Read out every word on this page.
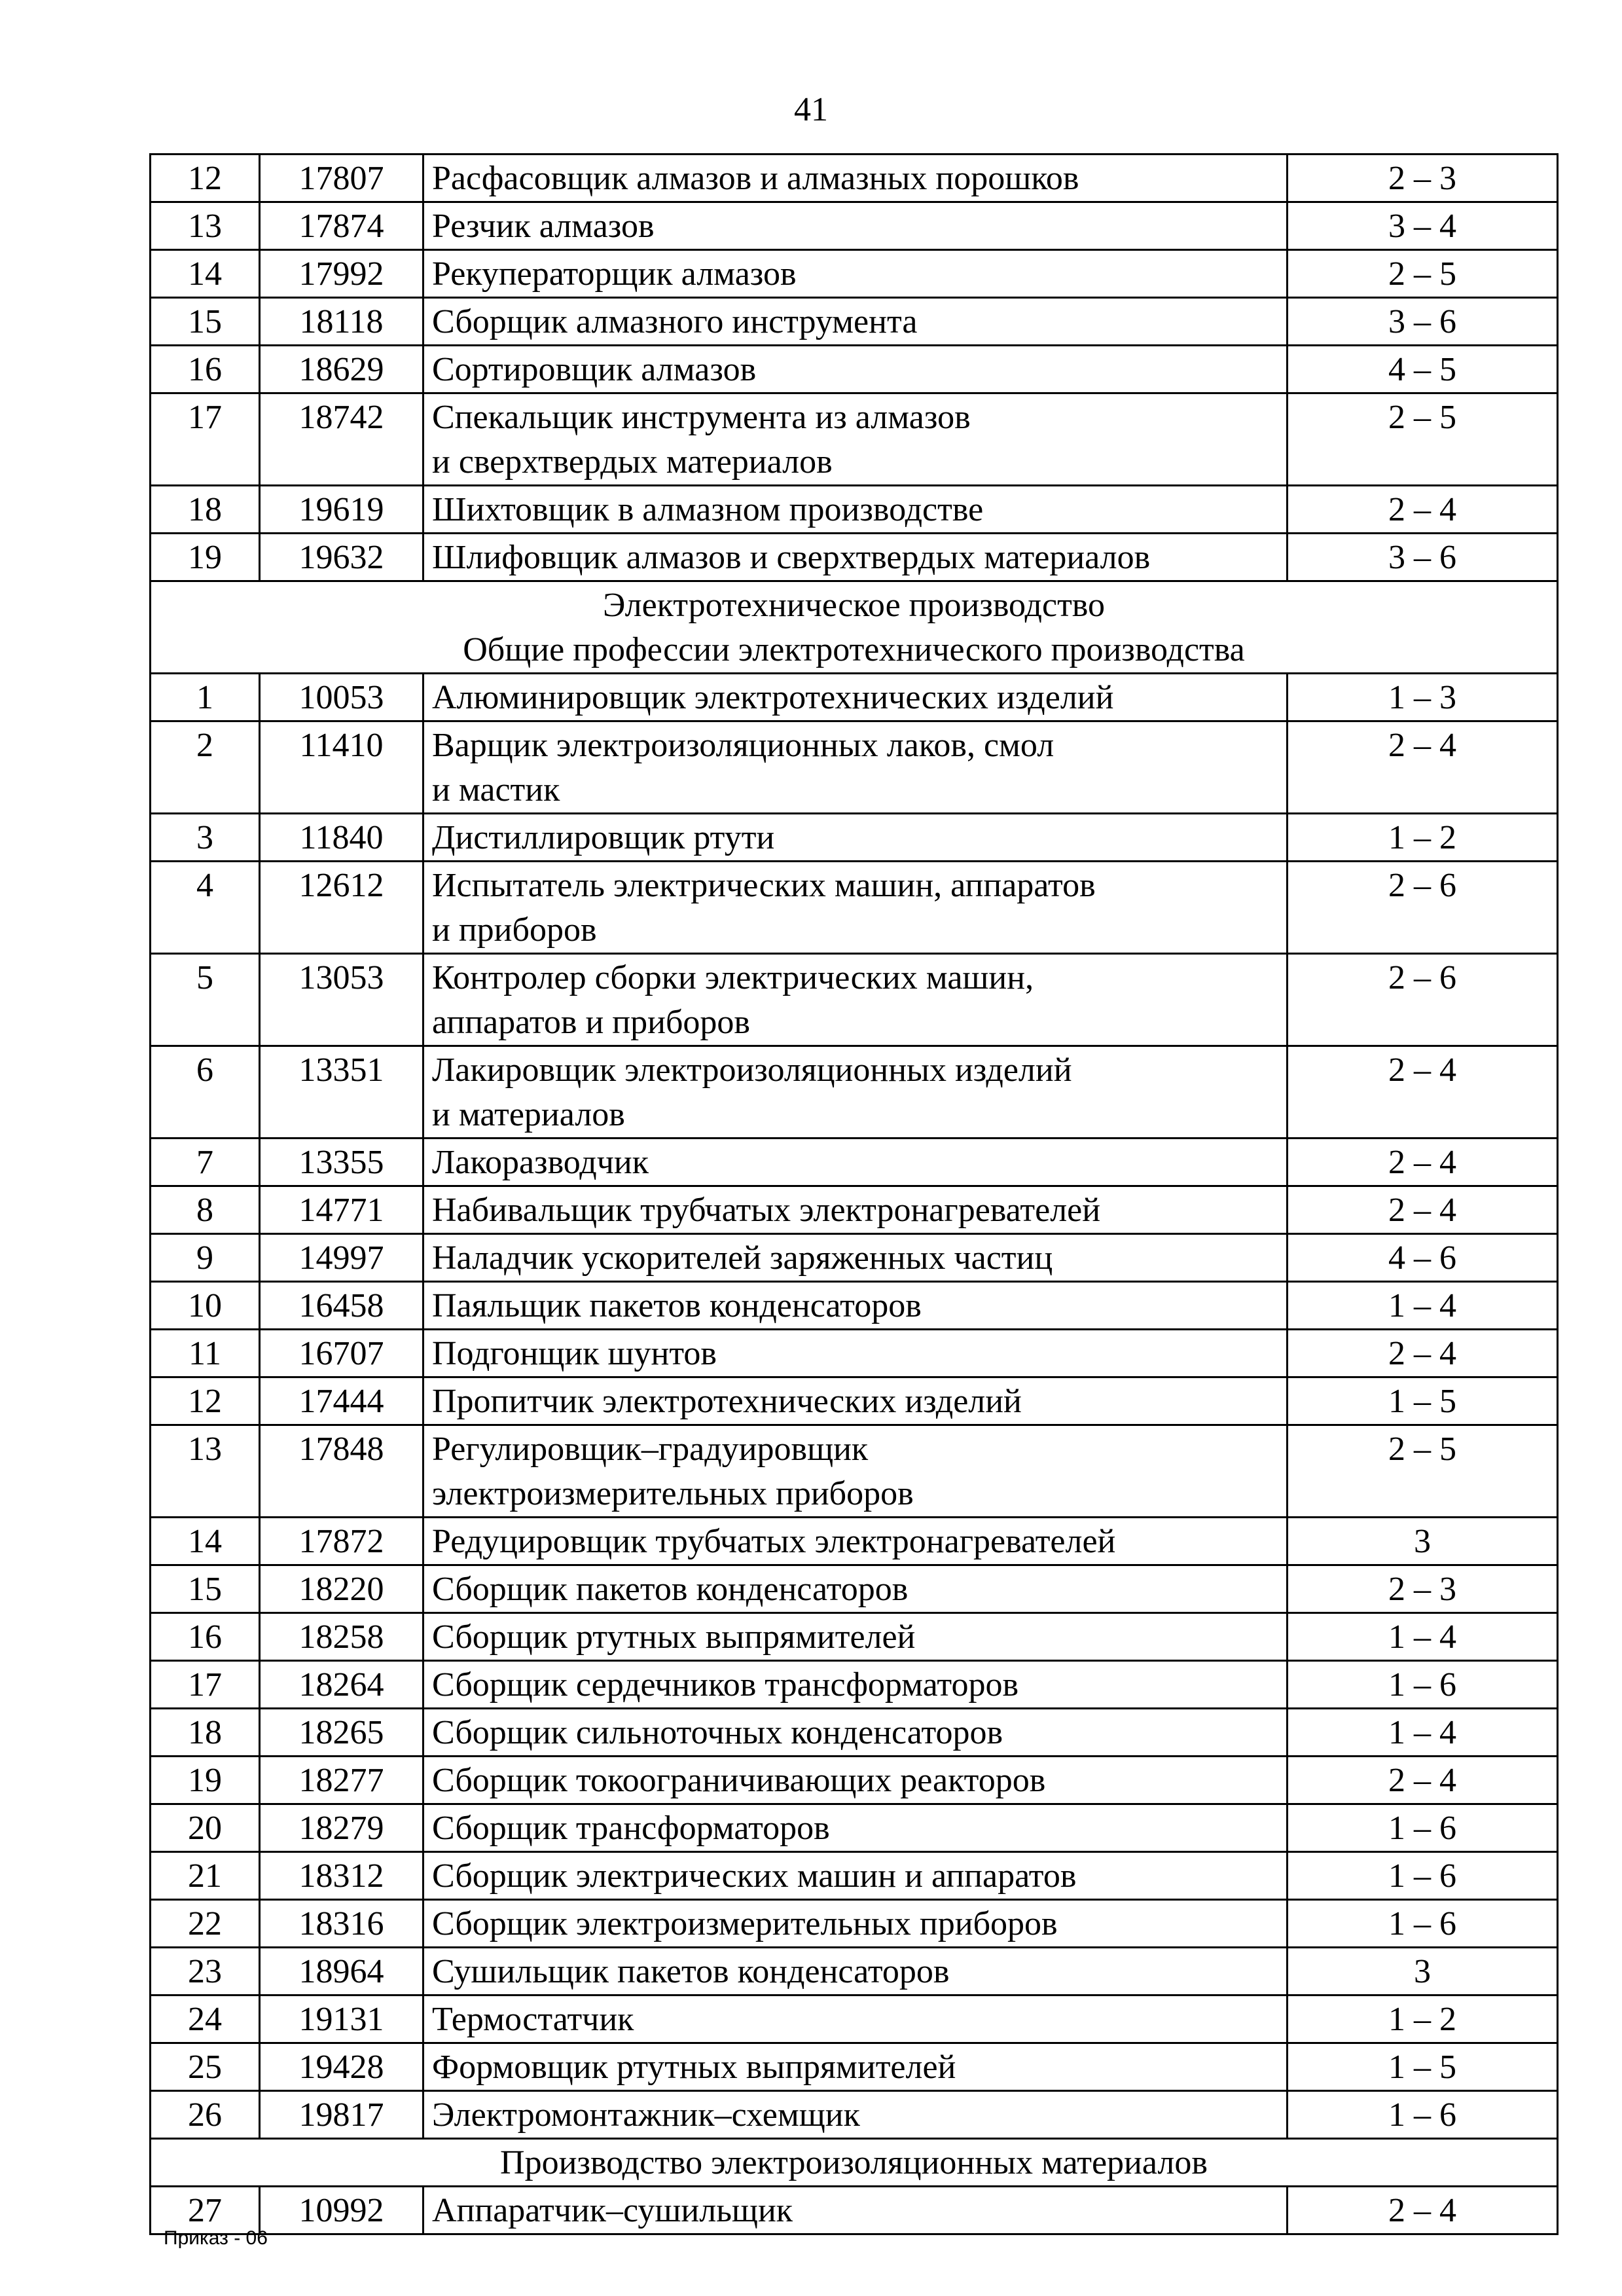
41
12	17807	Расфасовщик алмазов и алмазных порошков	2 – 3
13	17874	Резчик алмазов	3 – 4
14	17992	Рекуператорщик алмазов	2 – 5
15	18118	Сборщик алмазного инструмента	3 – 6
16	18629	Сортировщик алмазов	4 – 5
17	18742	Спекальщик инструмента из алмазов
и сверхтвердых материалов	2 – 5
18	19619	Шихтовщик в алмазном производстве	2 – 4
19	19632	Шлифовщик алмазов и сверхтвердых материалов	3 – 6

Электротехническое производство
Общие профессии электротехнического производства			

1	10053	Алюминировщик электротехнических изделий	1 – 3
2	11410	Варщик электроизоляционных лаков, смол
и мастик	2 – 4
3	11840	Дистиллировщик ртути	1 – 2
4	12612	Испытатель электрических машин, аппаратов
и приборов	2 – 6
5	13053	Контролер сборки электрических машин,
аппаратов и приборов	2 – 6
6	13351	Лакировщик электроизоляционных изделий
и материалов	2 – 4
7	13355	Лакоразводчик	2 – 4
8	14771	Набивальщик трубчатых электронагревателей	2 – 4
9	14997	Наладчик ускорителей заряженных частиц	4 – 6
10	16458	Паяльщик пакетов конденсаторов	1 – 4
11	16707	Подгонщик шунтов	2 – 4
12	17444	Пропитчик электротехнических изделий	1 – 5
13	17848	Регулировщик–градуировщик
электроизмерительных приборов	2 – 5
14	17872	Редуцировщик трубчатых электронагревателей	3
15	18220	Сборщик пакетов конденсаторов	2 – 3
16	18258	Сборщик ртутных выпрямителей	1 – 4
17	18264	Сборщик сердечников трансформаторов	1 – 6
18	18265	Сборщик сильноточных конденсаторов	1 – 4
19	18277	Сборщик токоограничивающих реакторов	2 – 4
20	18279	Сборщик трансформаторов	1 – 6
21	18312	Сборщик электрических машин и аппаратов	1 – 6
22	18316	Сборщик электроизмерительных приборов	1 – 6
23	18964	Сушильщик пакетов конденсаторов	3
24	19131	Термостатчик	1 – 2
25	19428	Формовщик ртутных выпрямителей	1 – 5
26	19817	Электромонтажник–схемщик	1 – 6

Производство электроизоляционных материалов			

27	10992	Аппаратчик–сушильщик	2 – 4
Приказ - 06
